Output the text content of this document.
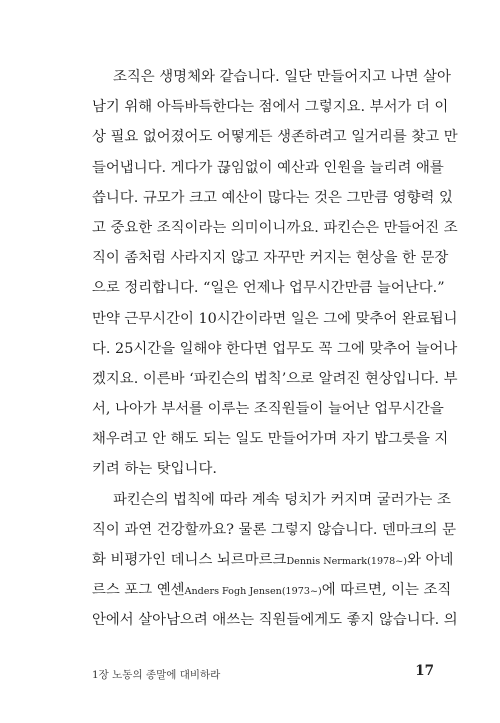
조직은 생명체와 같습니다. 일단 만들어지고 나면 살아
남기 위해 아득바득한다는 점에서 그렇지요. 부서가 더 이
상 필요 없어졌어도 어떻게든 생존하려고 일거리를 찾고 만
들어냅니다. 게다가 끊임없이 예산과 인원을 늘리려 애를
씁니다. 규모가 크고 예산이 많다는 것은 그만큼 영향력 있
고 중요한 조직이라는 의미이니까요. 파킨슨은 만들어진 조
직이 좀처럼 사라지지 않고 자꾸만 커지는 현상을 한 문장
으로 정리합니다. “일은 언제나 업무시간만큼 늘어난다.”
만약 근무시간이 10시간이라면 일은 그에 맞추어 완료됩니
다. 25시간을 일해야 한다면 업무도 꼭 그에 맞추어 늘어나
겠지요. 이른바 ‘파킨슨의 법칙’으로 알려진 현상입니다. 부
서, 나아가 부서를 이루는 조직원들이 늘어난 업무시간을
채우려고 안 해도 되는 일도 만들어가며 자기 밥그릇을 지
키려 하는 탓입니다.
파킨슨의 법칙에 따라 계속 덩치가 커지며 굴러가는 조
직이 과연 건강할까요? 물론 그렇지 않습니다. 덴마크의 문
화 비평가인 데니스 뇌르마르크Dennis Nermark(1978~)와 아네
르스 포그 옌센Anders Fogh Jensen(1973~)에 따르면, 이는 조직
안에서 살아남으려 애쓰는 직원들에게도 좋지 않습니다. 의
1장 노동의 종말에 대비하라	17
